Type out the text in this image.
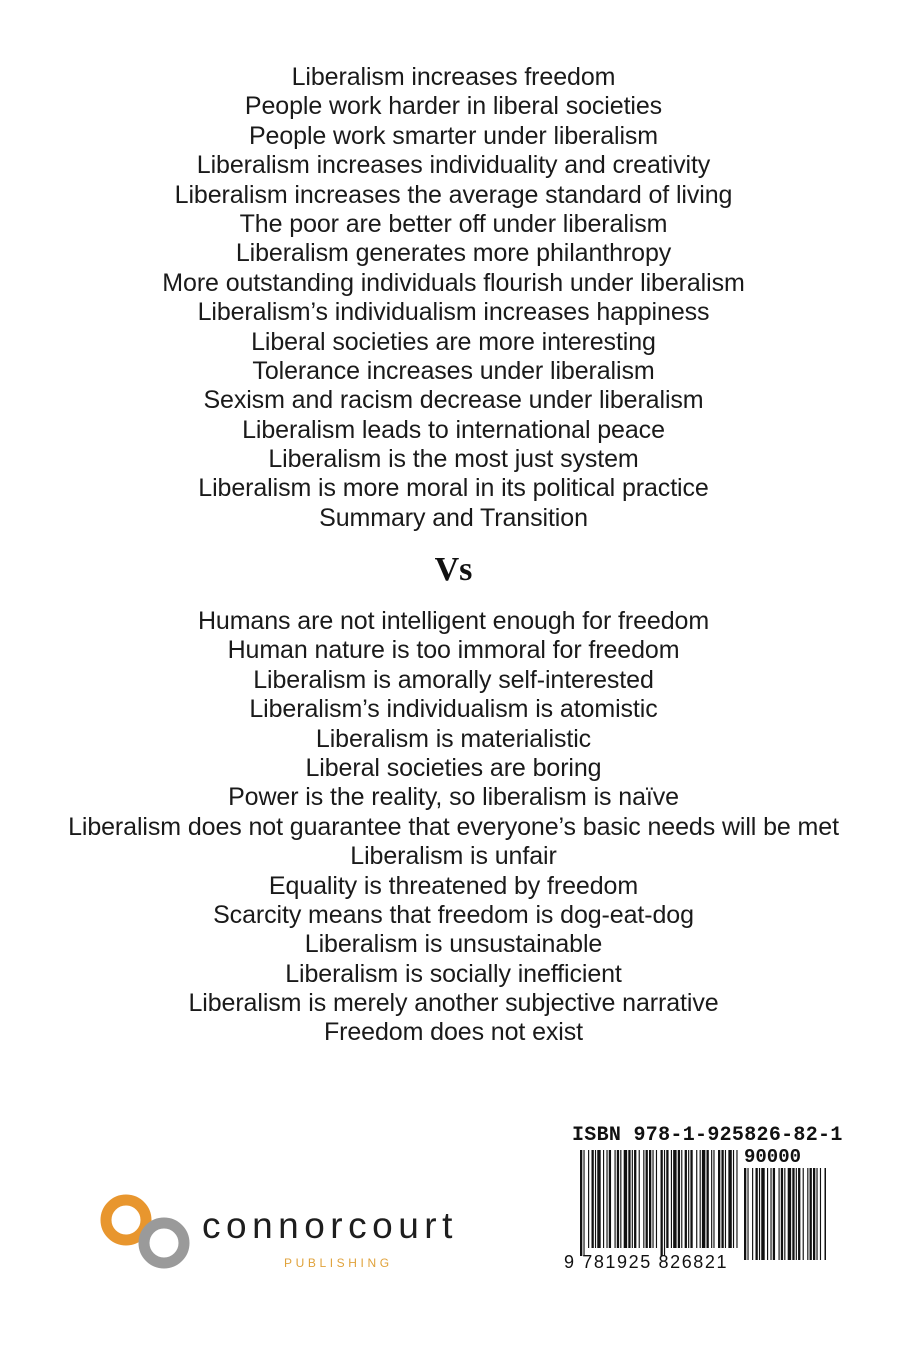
Liberalism increases freedom
People work harder in liberal societies
People work smarter under liberalism
Liberalism increases individuality and creativity
Liberalism increases the average standard of living
The poor are better off under liberalism
Liberalism generates more philanthropy
More outstanding individuals flourish under liberalism
Liberalism’s individualism increases happiness
Liberal societies are more interesting
Tolerance increases under liberalism
Sexism and racism decrease under liberalism
Liberalism leads to international peace
Liberalism is the most just system
Liberalism is more moral in its political practice
Summary and Transition
Vs
Humans are not intelligent enough for freedom
Human nature is too immoral for freedom
Liberalism is amorally self-interested
Liberalism’s individualism is atomistic
Liberalism is materialistic
Liberal societies are boring
Power is the reality, so liberalism is naïve
Liberalism does not guarantee that everyone’s basic needs will be met
Liberalism is unfair
Equality is threatened by freedom
Scarcity means that freedom is dog-eat-dog
Liberalism is unsustainable
Liberalism is socially inefficient
Liberalism is merely another subjective narrative
Freedom does not exist
connorcourt
PUBLISHING
ISBN 978-1-925826-82-1
90000
9 781925 826821
